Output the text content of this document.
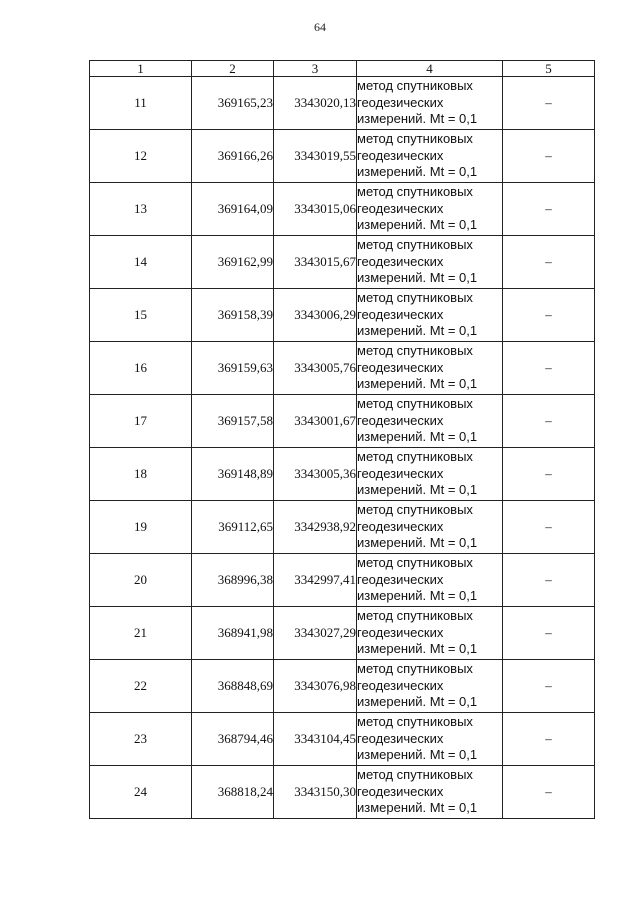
64
1	2	3	4	5
11	369165,23	3343020,13	метод спутниковых
геодезических
измерений. Mt = 0,1	–
12	369166,26	3343019,55	метод спутниковых
геодезических
измерений. Mt = 0,1	–
13	369164,09	3343015,06	метод спутниковых
геодезических
измерений. Mt = 0,1	–
14	369162,99	3343015,67	метод спутниковых
геодезических
измерений. Mt = 0,1	–
15	369158,39	3343006,29	метод спутниковых
геодезических
измерений. Mt = 0,1	–
16	369159,63	3343005,76	метод спутниковых
геодезических
измерений. Mt = 0,1	–
17	369157,58	3343001,67	метод спутниковых
геодезических
измерений. Mt = 0,1	–
18	369148,89	3343005,36	метод спутниковых
геодезических
измерений. Mt = 0,1	–
19	369112,65	3342938,92	метод спутниковых
геодезических
измерений. Mt = 0,1	–
20	368996,38	3342997,41	метод спутниковых
геодезических
измерений. Mt = 0,1	–
21	368941,98	3343027,29	метод спутниковых
геодезических
измерений. Mt = 0,1	–
22	368848,69	3343076,98	метод спутниковых
геодезических
измерений. Mt = 0,1	–
23	368794,46	3343104,45	метод спутниковых
геодезических
измерений. Mt = 0,1	–
24	368818,24	3343150,30	метод спутниковых
геодезических
измерений. Mt = 0,1	–
